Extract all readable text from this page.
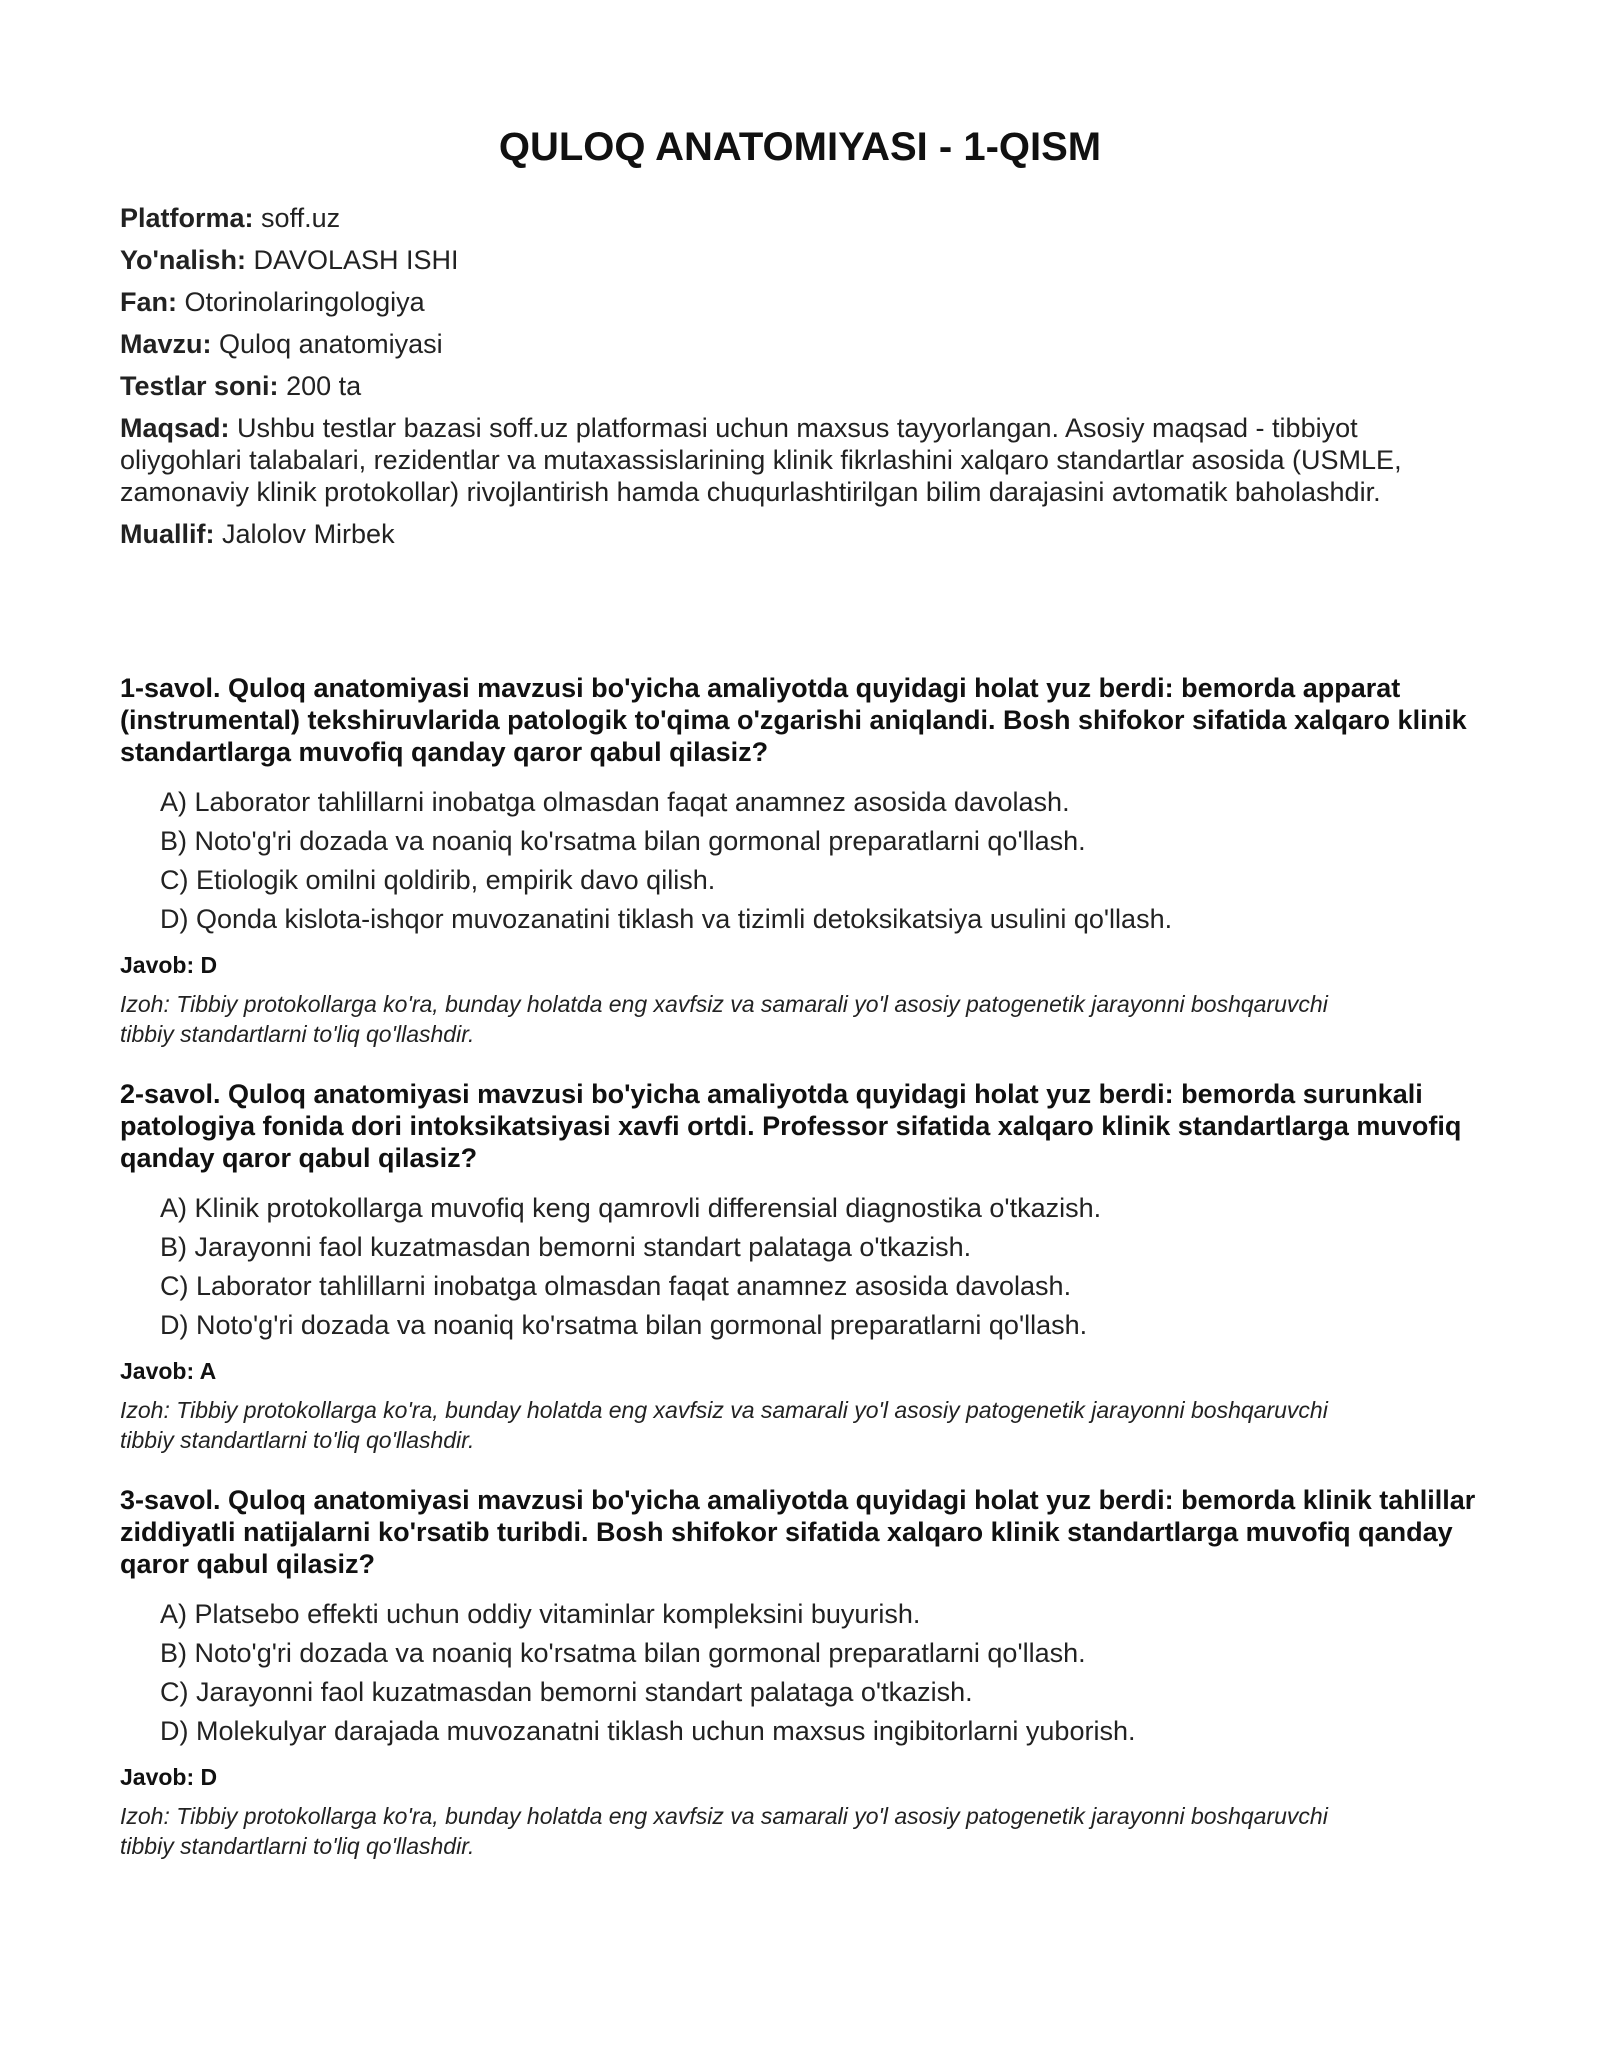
QULOQ ANATOMIYASI - 1-QISM

Platforma: soff.uz

Yo'nalish: DAVOLASH ISHI

Fan: Otorinolaringologiya

Mavzu: Quloq anatomiyasi

Testlar soni: 200 ta

Maqsad: Ushbu testlar bazasi soff.uz platformasi uchun maxsus tayyorlangan. Asosiy maqsad - tibbiyot oliygohlari talabalari, rezidentlar va mutaxassislarining klinik fikrlashini xalqaro standartlar asosida (USMLE, zamonaviy klinik protokollar) rivojlantirish hamda chuqurlashtirilgan bilim darajasini avtomatik baholashdir.

Muallif: Jalolov Mirbek

1-savol. Quloq anatomiyasi mavzusi bo'yicha amaliyotda quyidagi holat yuz berdi: bemorda apparat (instrumental) tekshiruvlarida patologik to'qima o'zgarishi aniqlandi. Bosh shifokor sifatida xalqaro klinik standartlarga muvofiq qanday qaror qabul qilasiz?

A) Laborator tahlillarni inobatga olmasdan faqat anamnez asosida davolash.
B) Noto'g'ri dozada va noaniq ko'rsatma bilan gormonal preparatlarni qo'llash.
C) Etiologik omilni qoldirib, empirik davo qilish.
D) Qonda kislota-ishqor muvozanatini tiklash va tizimli detoksikatsiya usulini qo'llash.

Javob: D

Izoh: Tibbiy protokollarga ko'ra, bunday holatda eng xavfsiz va samarali yo'l asosiy patogenetik jarayonni boshqaruvchi tibbiy standartlarni to'liq qo'llashdir.

2-savol. Quloq anatomiyasi mavzusi bo'yicha amaliyotda quyidagi holat yuz berdi: bemorda surunkali patologiya fonida dori intoksikatsiyasi xavfi ortdi. Professor sifatida xalqaro klinik standartlarga muvofiq qanday qaror qabul qilasiz?

A) Klinik protokollarga muvofiq keng qamrovli differensial diagnostika o'tkazish.
B) Jarayonni faol kuzatmasdan bemorni standart palataga o'tkazish.
C) Laborator tahlillarni inobatga olmasdan faqat anamnez asosida davolash.
D) Noto'g'ri dozada va noaniq ko'rsatma bilan gormonal preparatlarni qo'llash.

Javob: A

Izoh: Tibbiy protokollarga ko'ra, bunday holatda eng xavfsiz va samarali yo'l asosiy patogenetik jarayonni boshqaruvchi tibbiy standartlarni to'liq qo'llashdir.

3-savol. Quloq anatomiyasi mavzusi bo'yicha amaliyotda quyidagi holat yuz berdi: bemorda klinik tahlillar ziddiyatli natijalarni ko'rsatib turibdi. Bosh shifokor sifatida xalqaro klinik standartlarga muvofiq qanday qaror qabul qilasiz?

A) Platsebo effekti uchun oddiy vitaminlar kompleksini buyurish.
B) Noto'g'ri dozada va noaniq ko'rsatma bilan gormonal preparatlarni qo'llash.
C) Jarayonni faol kuzatmasdan bemorni standart palataga o'tkazish.
D) Molekulyar darajada muvozanatni tiklash uchun maxsus ingibitorlarni yuborish.

Javob: D

Izoh: Tibbiy protokollarga ko'ra, bunday holatda eng xavfsiz va samarali yo'l asosiy patogenetik jarayonni boshqaruvchi tibbiy standartlarni to'liq qo'llashdir.
